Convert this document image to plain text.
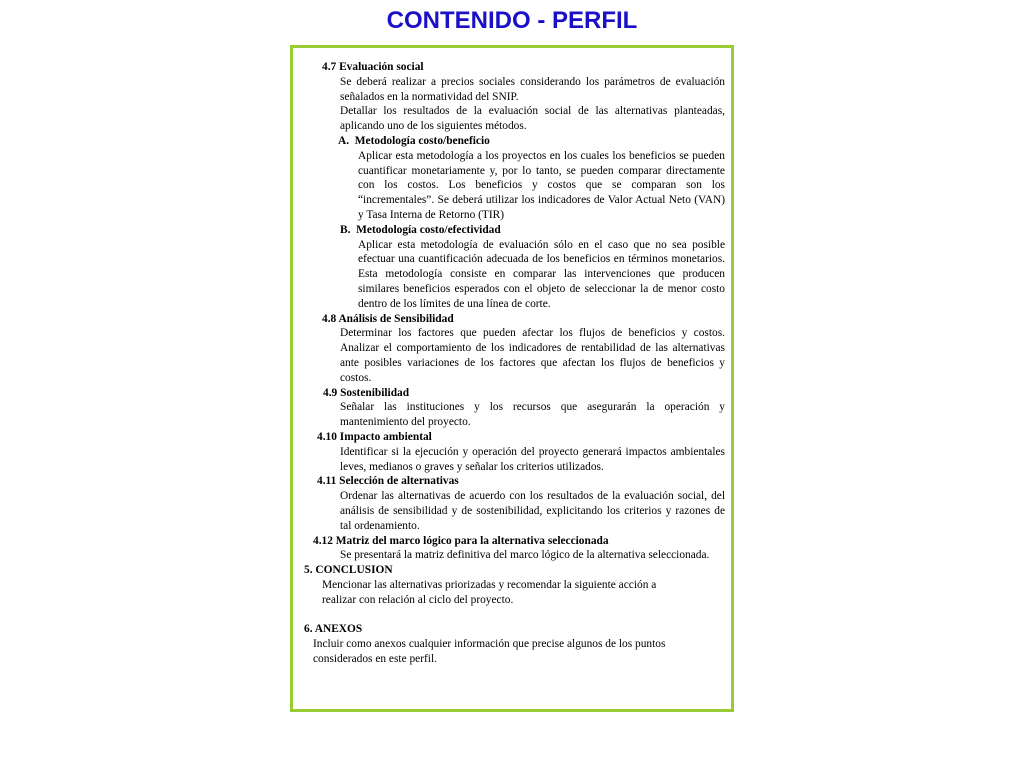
CONTENIDO - PERFIL
4.7 Evaluación social
Se deberá realizar a precios sociales considerando los parámetros de evaluación señalados en la normatividad del SNIP.
Detallar los resultados de la evaluación social de las alternativas planteadas, aplicando uno de los siguientes métodos.
A.  Metodología costo/beneficio
Aplicar esta metodología a los proyectos en los cuales los beneficios se pueden cuantificar monetariamente y, por lo tanto, se pueden comparar directamente con los costos. Los beneficios y costos que se comparan son los “incrementales”. Se deberá utilizar los indicadores de Valor Actual Neto (VAN) y Tasa Interna de Retorno (TIR)
B.  Metodología costo/efectividad
Aplicar esta metodología de evaluación sólo en el caso que no sea posible efectuar una cuantificación adecuada de los beneficios en términos monetarios. Esta metodología consiste en comparar las intervenciones que producen similares beneficios esperados con el objeto de seleccionar la de menor costo dentro de los límites de una línea de corte.
4.8 Análisis de Sensibilidad
Determinar los factores que pueden afectar los flujos de beneficios y costos. Analizar el comportamiento de los indicadores de rentabilidad de las alternativas ante posibles variaciones de los factores que afectan los flujos de beneficios y costos.
4.9 Sostenibilidad
Señalar las instituciones y los recursos que asegurarán la operación y mantenimiento del proyecto.
4.10 Impacto ambiental
Identificar si la ejecución y operación del proyecto generará impactos ambientales leves, medianos o graves y señalar los criterios utilizados.
4.11 Selección de alternativas
Ordenar las alternativas de acuerdo con los resultados de la evaluación social, del análisis de sensibilidad y de sostenibilidad, explicitando los criterios y razones de tal ordenamiento.
4.12 Matriz del marco lógico para la alternativa seleccionada
Se presentará la matriz definitiva del marco lógico de la alternativa seleccionada.
5. CONCLUSION
Mencionar las alternativas priorizadas y recomendar la siguiente acción a
realizar con relación al ciclo del proyecto.
6. ANEXOS
Incluir como anexos cualquier información que precise algunos de los puntos
considerados en este perfil.
